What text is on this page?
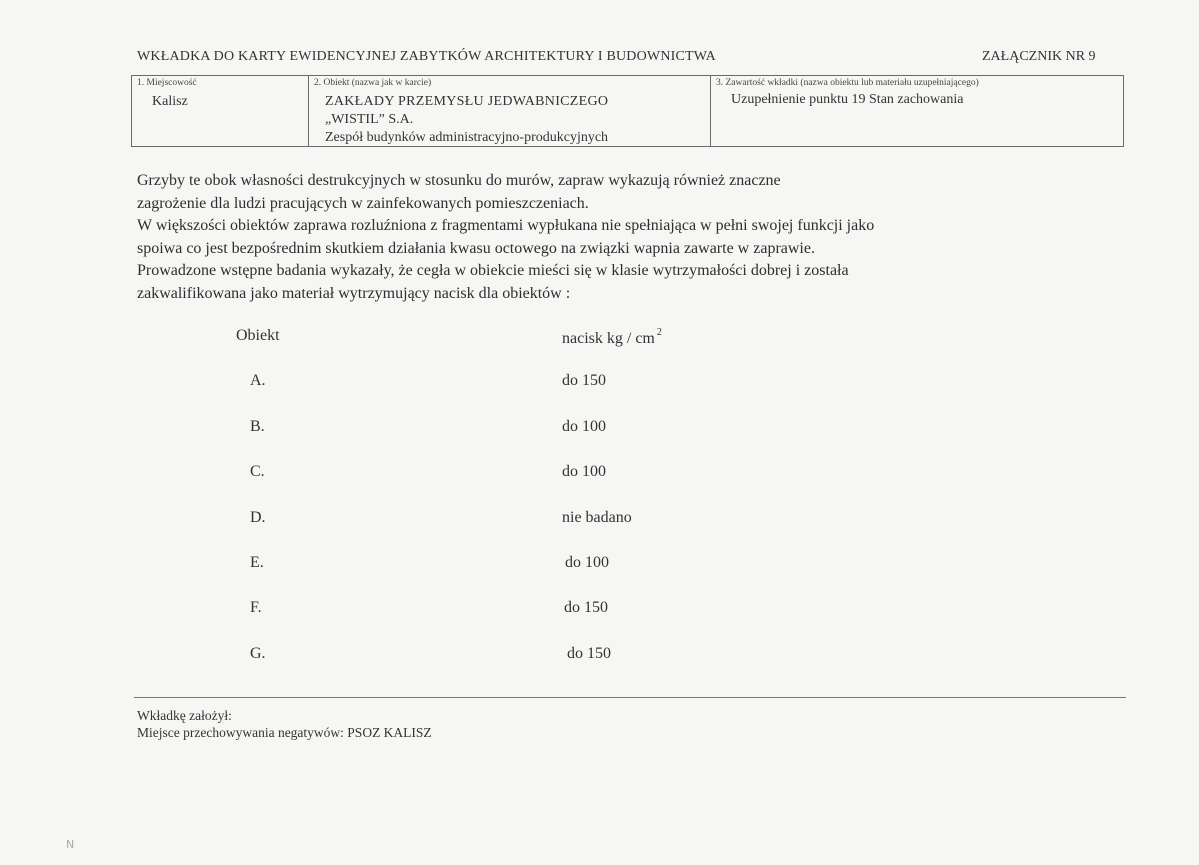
WKŁADKA DO KARTY EWIDENCYJNEJ ZABYTKÓW ARCHITEKTURY I BUDOWNICTWA	ZAŁĄCZNIK NR 9
1. Miejscowość
Kalisz
2. Obiekt (nazwa jak w karcie)
ZAKŁADY PRZEMYSŁU JEDWABNICZEGO
„WISTIL” S.A.
Zespół budynków administracyjno-produkcyjnych
3. Zawartość wkładki (nazwa obiektu lub materiału uzupełniającego)
Uzupełnienie punktu 19 Stan zachowania
Grzyby te obok własności destrukcyjnych w stosunku do murów, zapraw wykazują również znaczne
zagrożenie dla ludzi pracujących w zainfekowanych pomieszczeniach.
W większości obiektów zaprawa rozluźniona z fragmentami wypłukana nie spełniająca w pełni swojej funkcji jako
spoiwa co jest bezpośrednim skutkiem działania kwasu octowego na związki wapnia zawarte w zaprawie.
Prowadzone wstępne badania wykazały, że cegła w obiekcie mieści się w klasie wytrzymałości dobrej i została
zakwalifikowana jako materiał wytrzymujący nacisk dla obiektów :
Obiekt	nacisk kg / cm $^2$
A.	do 150
B.	do 100
C.	do 100
D.	nie badano
E.	do 100
F.	do 150
G.	do 150
Wkładkę założył:
Miejsce przechowywania negatywów: PSOZ KALISZ
N
